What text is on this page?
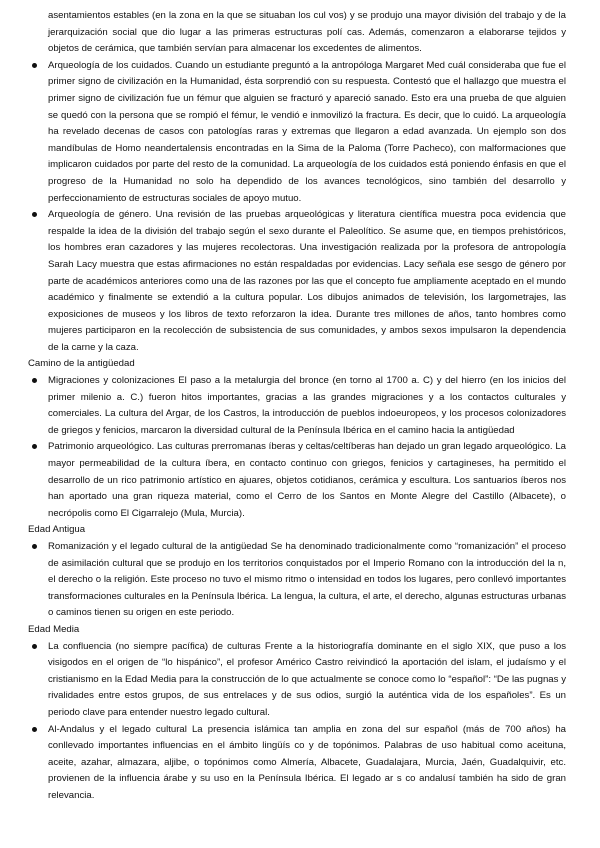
asentamientos estables (en la zona en la que se situaban los cul vos) y se produjo una mayor división del trabajo y de la jerarquización social que dio lugar a las primeras estructuras polí cas. Además, comenzaron a elaborarse tejidos y objetos de cerámica, que también servían para almacenar los excedentes de alimentos.

Arqueología de los cuidados. Cuando un estudiante preguntó a la antropóloga Margaret Med cuál consideraba que fue el primer signo de civilización en la Humanidad, ésta sorprendió con su respuesta. Contestó que el hallazgo que muestra el primer signo de civilización fue un fémur que alguien se fracturó y apareció sanado. Esto era una prueba de que alguien se quedó con la persona que se rompió el fémur, le vendió e inmovilizó la fractura. Es decir, que lo cuidó. La arqueología ha revelado decenas de casos con patologías raras y extremas que llegaron a edad avanzada. Un ejemplo son dos mandíbulas de Homo neandertalensis encontradas en la Sima de la Paloma (Torre Pacheco), con malformaciones que implicaron cuidados por parte del resto de la comunidad. La arqueología de los cuidados está poniendo énfasis en que el progreso de la Humanidad no solo ha dependido de los avances tecnológicos, sino también del desarrollo y perfeccionamiento de estructuras sociales de apoyo mutuo.

Arqueología de género. Una revisión de las pruebas arqueológicas y literatura científica muestra poca evidencia que respalde la idea de la división del trabajo según el sexo durante el Paleolítico. Se asume que, en tiempos prehistóricos, los hombres eran cazadores y las mujeres recolectoras. Una investigación realizada por la profesora de antropología Sarah Lacy muestra que estas afirmaciones no están respaldadas por evidencias. Lacy señala ese sesgo de género por parte de académicos anteriores como una de las razones por las que el concepto fue ampliamente aceptado en el mundo académico y finalmente se extendió a la cultura popular. Los dibujos animados de televisión, los largometrajes, las exposiciones de museos y los libros de texto reforzaron la idea. Durante tres millones de años, tanto hombres como mujeres participaron en la recolección de subsistencia de sus comunidades, y ambos sexos impulsaron la dependencia de la carne y la caza.

Camino de la antigüedad

Migraciones y colonizaciones El paso a la metalurgia del bronce (en torno al 1700 a. C) y del hierro (en los inicios del primer milenio a. C.) fueron hitos importantes, gracias a las grandes migraciones y a los contactos culturales y comerciales. La cultura del Argar, de los Castros, la introducción de pueblos indoeuropeos, y los procesos colonizadores de griegos y fenicios, marcaron la diversidad cultural de la Península Ibérica en el camino hacia la antigüedad

Patrimonio arqueológico. Las culturas prerromanas íberas y celtas/celtíberas han dejado un gran legado arqueológico. La mayor permeabilidad de la cultura íbera, en contacto continuo con griegos, fenicios y cartagineses, ha permitido el desarrollo de un rico patrimonio artístico en ajuares, objetos cotidianos, cerámica y escultura. Los santuarios íberos nos han aportado una gran riqueza material, como el Cerro de los Santos en Monte Alegre del Castillo (Albacete), o necrópolis como El Cigarralejo (Mula, Murcia).

Edad Antigua

Romanización y el legado cultural de la antigüedad Se ha denominado tradicionalmente como “romanización” el proceso de asimilación cultural que se produjo en los territorios conquistados por el Imperio Romano con la introducción del la n, el derecho o la religión. Este proceso no tuvo el mismo ritmo o intensidad en todos los lugares, pero conllevó importantes transformaciones culturales en la Península Ibérica. La lengua, la cultura, el arte, el derecho, algunas estructuras urbanas o caminos tienen su origen en este periodo.

Edad Media

La confluencia (no siempre pacífica) de culturas Frente a la historiografía dominante en el siglo XIX, que puso a los visigodos en el origen de “lo hispánico”, el profesor Américo Castro reivindicó la aportación del islam, el judaísmo y el cristianismo en la Edad Media para la construcción de lo que actualmente se conoce como lo “español”: “De las pugnas y rivalidades entre estos grupos, de sus entrelaces y de sus odios, surgió la auténtica vida de los españoles”. Es un periodo clave para entender nuestro legado cultural.

Al-Andalus y el legado cultural La presencia islámica tan amplia en zona del sur español (más de 700 años) ha conllevado importantes influencias en el ámbito lingüís co y de topónimos. Palabras de uso habitual como aceituna, aceite, azahar, almazara, aljibe, o topónimos como Almería, Albacete, Guadalajara, Murcia, Jaén, Guadalquivir, etc. provienen de la influencia árabe y su uso en la Península Ibérica. El legado ar s co andalusí también ha sido de gran relevancia.
